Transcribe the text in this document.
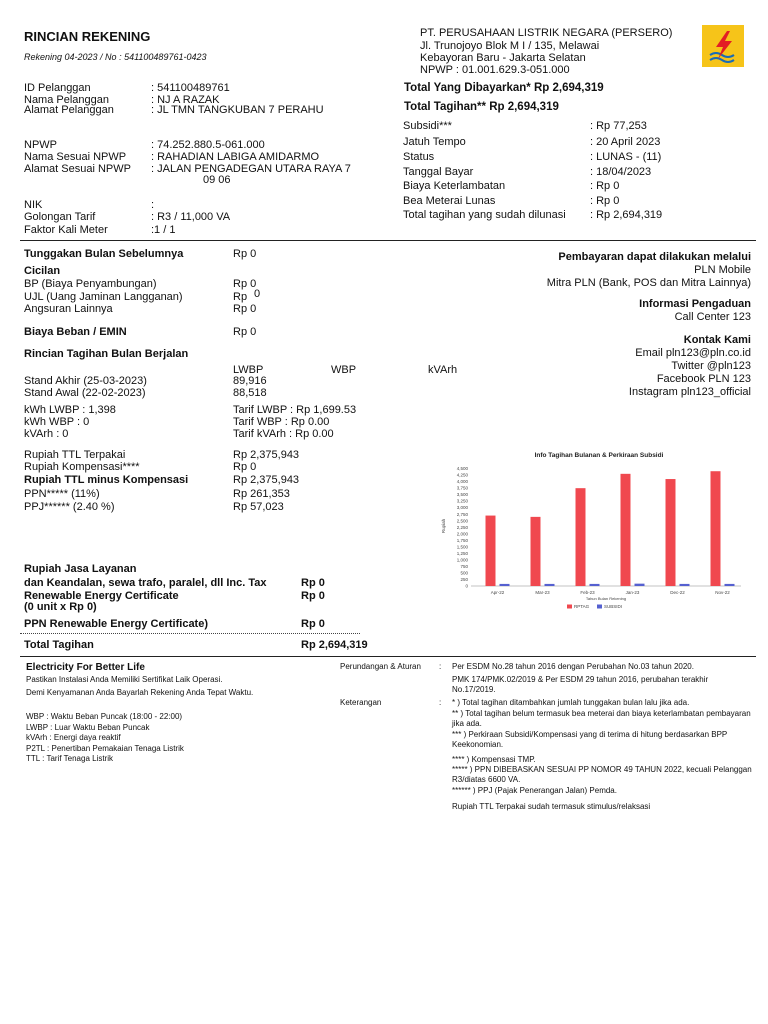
RINCIAN REKENING
Rekening 04-2023 / No : 541100489761-0423
PT. PERUSAHAAN LISTRIK NEGARA (PERSERO)
Jl. Trunojoyo Blok M I / 135, Melawai
Kebayoran Baru - Jakarta Selatan
NPWP : 01.001.629.3-051.000
ID Pelanggan	: 541100489761
Nama Pelanggan	: NJ A RAZAK
Alamat Pelanggan	: JL TMN TANGKUBAN 7 PERAHU
NPWP	: 74.252.880.5-061.000
Nama Sesuai NPWP : RAHADIAN LABIGA AMIDARMO
Alamat Sesuai NPWP : JALAN PENGADEGAN UTARA RAYA 7
09 06
NIK	:
Golongan Tarif	: R3 / 11,000 VA
Faktor Kali Meter	:1 / 1
Total Yang Dibayarkan* Rp 2,694,319
Total Tagihan** Rp 2,694,319
Subsidi***	: Rp 77,253
Jatuh Tempo	: 20 April 2023
Status	: LUNAS - (11)
Tanggal Bayar	: 18/04/2023
Biaya Keterlambatan	: Rp 0
Bea Meterai Lunas	: Rp 0
Total tagihan yang sudah dilunasi : Rp 2,694,319
Tunggakan Bulan Sebelumnya	Rp 0
Cicilan
BP (Biaya Penyambungan)	Rp 0
UJL (Uang Jaminan Langganan)	Rp 0
Angsuran Lainnya	Rp 0
Biaya Beban / EMIN	Rp 0
Rincian Tagihan Bulan Berjalan
LWBP	WBP	kVArh
Stand Akhir (25-03-2023)	89,916
Stand Awal (22-02-2023)	88,518
kWh LWBP : 1,398	Tarif LWBP : Rp 1,699.53
kWh WBP : 0	Tarif WBP : Rp 0.00
kVArh : 0	Tarif kVArh : Rp 0.00
Rupiah TTL Terpakai	Rp 2,375,943
Rupiah Kompensasi****	Rp 0
Rupiah TTL minus Kompensasi	Rp 2,375,943
PPN***** (11%)	Rp 261,353
PPJ****** (2.40 %)	Rp 57,023
Rupiah Jasa Layanan
dan Keandalan, sewa trafo, paralel, dll Inc. Tax	Rp 0
Renewable Energy Certificate	Rp 0
(0 unit x Rp 0)
PPN Renewable Energy Certificate)	Rp 0
Total Tagihan	Rp 2,694,319
Pembayaran dapat dilakukan melalui
PLN Mobile
Mitra PLN (Bank, POS dan Mitra Lainnya)
Informasi Pengaduan
Call Center 123
Kontak Kami
Email pln123@pln.co.id
Twitter @pln123
Facebook PLN 123
Instagram pln123_official
Info Tagihan Bulanan & Perkiraan Subsidi
Rupiah
0
250
500
750
1,000
1,250
1,500
1,750
2,000
2,250
2,500
2,750
3,000
3,250
3,500
3,750
4,000
4,250
4,500
Apr-22	Mar-23	Feb-23	Jan-23	Dec-22	Nov-22
Tahun Bulan Rekening
RPTAG	SUBSIDI
Electricity For Better Life
Pastikan Instalasi Anda Memiliki Sertifikat Laik Operasi.
Demi Kenyamanan Anda Bayarlah Rekening Anda Tepat Waktu.
WBP : Waktu Beban Puncak (18:00 - 22:00)
LWBP : Luar Waktu Beban Puncak
kVArh : Energi daya reaktif
P2TL : Penertiban Pemakaian Tenaga Listrik
TTL : Tarif Tenaga Listrik
Perundangan & Aturan : Per ESDM No.28 tahun 2016 dengan Perubahan No.03 tahun 2020.
PMK 174/PMK.02/2019 & Per ESDM 29 tahun 2016, perubahan terakhir No.17/2019.
Keterangan	: * ) Total tagihan ditambahkan jumlah tunggakan bulan lalu jika ada.
** ) Total tagihan belum termasuk bea meterai dan biaya keterlambatan pembayaran jika ada.
*** ) Perkiraan Subsidi/Kompensasi yang di terima di hitung berdasarkan BPP Keekonomian.
**** ) Kompensasi TMP.
***** ) PPN DIBEBASKAN SESUAI PP NOMOR 49 TAHUN 2022, kecuali Pelanggan R3/diatas 6600 VA.
****** ) PPJ (Pajak Penerangan Jalan) Pemda.
Rupiah TTL Terpakai sudah termasuk stimulus/relaksasi
